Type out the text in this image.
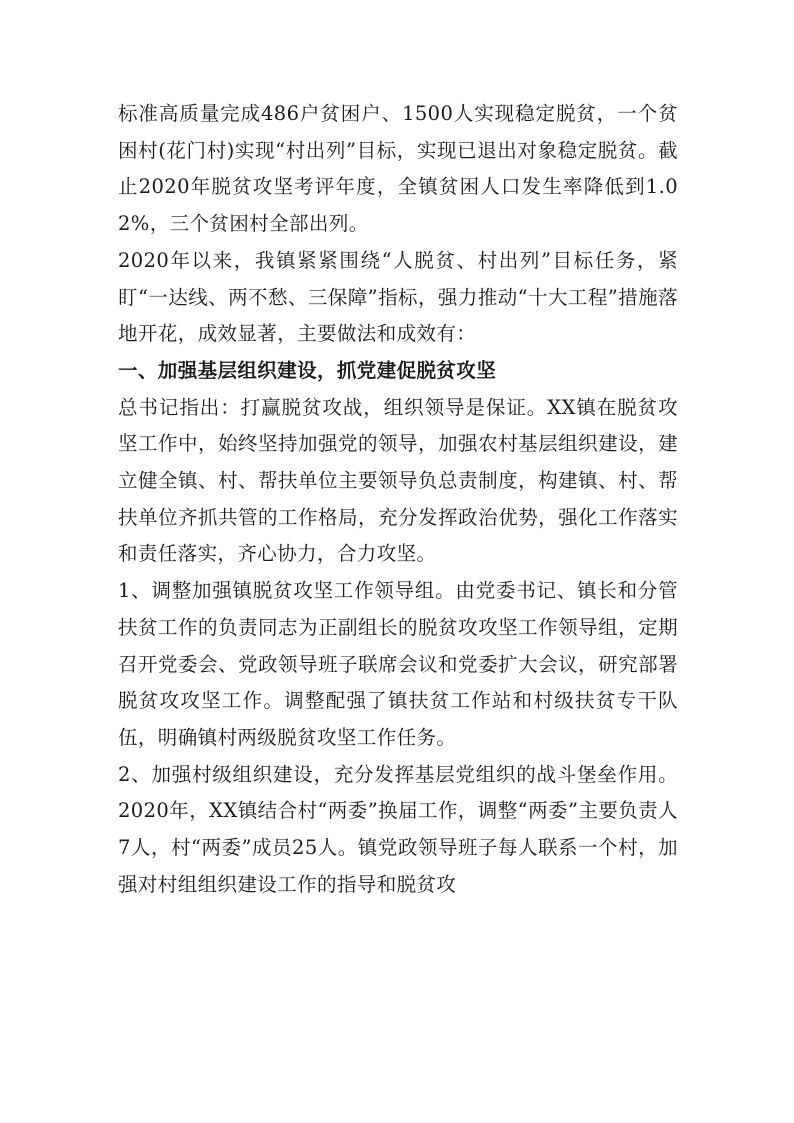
标准高质量完成486户贫困户、1500人实现稳定脱贫，一个贫困村(花门村)实现“村出列”目标，实现已退出对象稳定脱贫。截止2020年脱贫攻坚考评年度，全镇贫困人口发生率降低到1.02%，三个贫困村全部出列。

2020年以来，我镇紧紧围绕“人脱贫、村出列”目标任务，紧盯“一达线、两不愁、三保障”指标，强力推动“十大工程”措施落地开花，成效显著，主要做法和成效有：

一、加强基层组织建设，抓党建促脱贫攻坚

总书记指出：打赢脱贫攻战，组织领导是保证。XX镇在脱贫攻坚工作中，始终坚持加强党的领导，加强农村基层组织建设，建立健全镇、村、帮扶单位主要领导负总责制度，构建镇、村、帮扶单位齐抓共管的工作格局，充分发挥政治优势，强化工作落实和责任落实，齐心协力，合力攻坚。

1、调整加强镇脱贫攻坚工作领导组。由党委书记、镇长和分管扶贫工作的负责同志为正副组长的脱贫攻攻坚工作领导组，定期召开党委会、党政领导班子联席会议和党委扩大会议，研究部署脱贫攻攻坚工作。调整配强了镇扶贫工作站和村级扶贫专干队伍，明确镇村两级脱贫攻坚工作任务。

2、加强村级组织建设，充分发挥基层党组织的战斗堡垒作用。2020年，XX镇结合村“两委”换届工作，调整“两委”主要负责人7人，村“两委”成员25人。镇党政领导班子每人联系一个村，加强对村组组织建设工作的指导和脱贫攻
